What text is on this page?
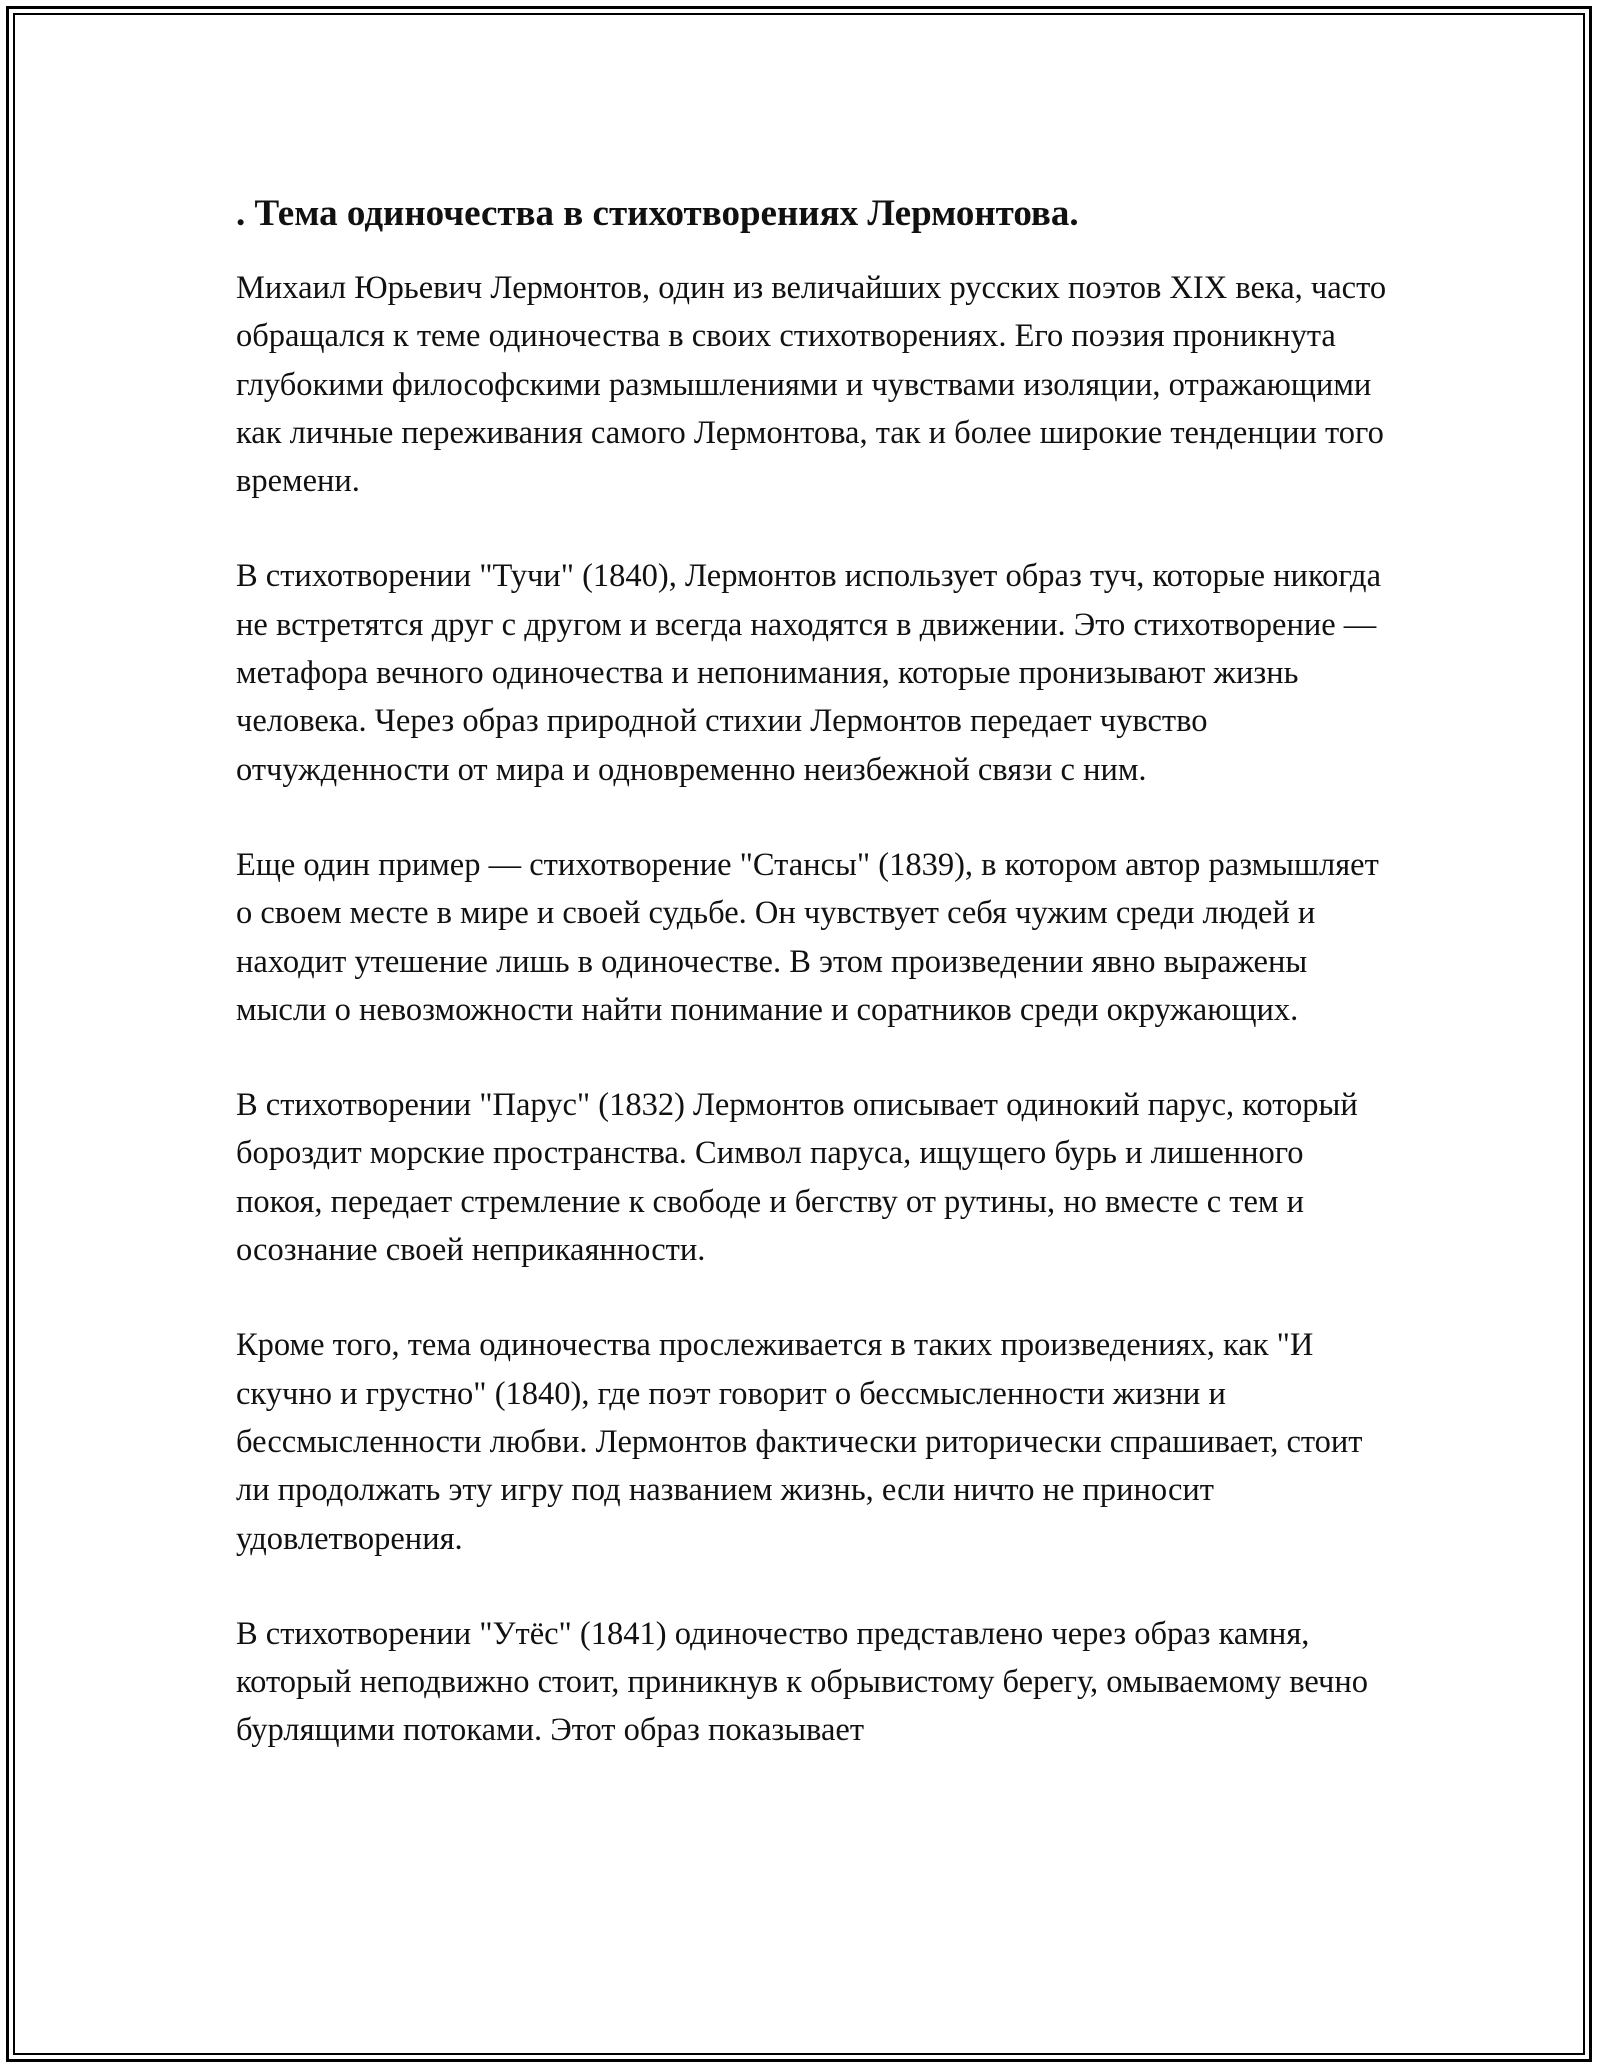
. Тема одиночества в стихотворениях Лермонтова.

Михаил Юрьевич Лермонтов, один из величайших русских поэтов XIX века, часто обращался к теме одиночества в своих стихотворениях. Его поэзия проникнута глубокими философскими размышлениями и чувствами изоляции, отражающими как личные переживания самого Лермонтова, так и более широкие тенденции того времени.

В стихотворении "Тучи" (1840), Лермонтов использует образ туч, которые никогда не встретятся друг с другом и всегда находятся в движении. Это стихотворение — метафора вечного одиночества и непонимания, которые пронизывают жизнь человека. Через образ природной стихии Лермонтов передает чувство отчужденности от мира и одновременно неизбежной связи с ним.

Еще один пример — стихотворение "Стансы" (1839), в котором автор размышляет о своем месте в мире и своей судьбе. Он чувствует себя чужим среди людей и находит утешение лишь в одиночестве. В этом произведении явно выражены мысли о невозможности найти понимание и соратников среди окружающих.

В стихотворении "Парус" (1832) Лермонтов описывает одинокий парус, который бороздит морские пространства. Символ паруса, ищущего бурь и лишенного покоя, передает стремление к свободе и бегству от рутины, но вместе с тем и осознание своей неприкаянности.

Кроме того, тема одиночества прослеживается в таких произведениях, как "И скучно и грустно" (1840), где поэт говорит о бессмысленности жизни и бессмысленности любви. Лермонтов фактически риторически спрашивает, стоит ли продолжать эту игру под названием жизнь, если ничто не приносит удовлетворения.

В стихотворении "Утёс" (1841) одиночество представлено через образ камня, который неподвижно стоит, приникнув к обрывистому берегу, омываемому вечно бурлящими потоками. Этот образ показывает
